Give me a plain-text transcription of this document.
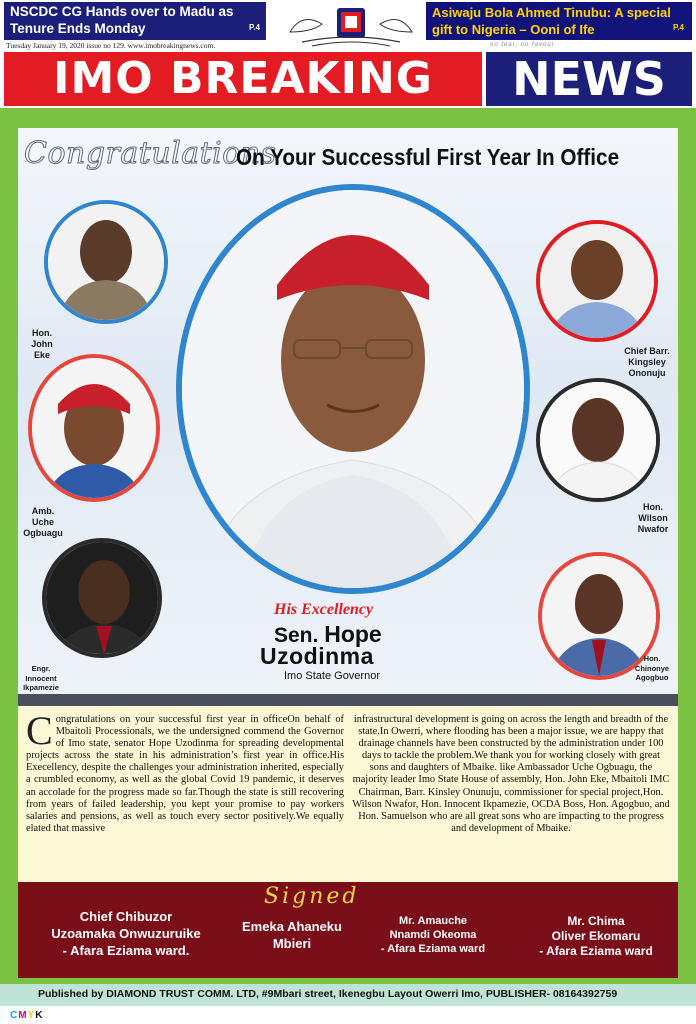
NSCDC CG Hands over to Madu as Tenure Ends Monday	P.4
Asiwaju Bola Ahmed Tinubu: A special gift to Nigeria – Ooni of Ife	P.4
Tuesday January 19, 2020 issue no 129. www.imobreakingnews.com.	no fear, no favour
IMO BREAKING	NEWS
Congratulations
On Your Successful First Year In Office
Hon. John Eke
Amb. Uche Ogbuagu
Engr. Innocent Ikpamezie
Chief Barr. Kingsley Ononuju
Hon. Wilson Nwafor
Hon. Chinonye Agogbuo
His Excellency
Sen. Hope
Uzodinma
Imo State Governor
C ongratulations on your successful first year in officeOn behalf of Mbaitoli Processionals, we the undersigned commend the Governor of Imo state, senator Hope Uzodinma for spreading developmental projects across the state in his administration’s first year in office.His Execellency, despite the challenges your administration inherited, especially a crumbled economy, as well as the global Covid 19 pandemic, it deserves an accolade for the progress made so far.Though the state is still recovering from years of failed leadership, you kept your promise to pay workers salaries and pensions, as well as touch every sector positively.We equally elated that massive
infrastructural development is going on across the length and breadth of the state.In Owerri, where flooding has been a major issue, we are happy that drainage channels have been constructed by the administration under 100 days to tackle the problem.We thank you for working closely with great sons and daughters of Mbaike. like Ambassador Uche Ogbuagu, the majority leader Imo State House of assembly, Hon. John Eke, Mbaitoli IMC Chairman, Barr. Kinsley Onunuju, commissioner for special project,Hon. Wilson Nwafor, Hon. Innocent Ikpamezie, OCDA Boss, Hon. Agogbuo, and Hon. Samuelson who are all great sons who are impacting to the progress and development of Mbaike.
Signed
Chief Chibuzor
Uzoamaka Onwuzuruike
- Afara Eziama ward.
Emeka Ahaneku
Mbieri
Mr. Amauche
Nnamdi Okeoma
- Afara Eziama ward
Mr. Chima
Oliver Ekomaru
- Afara Eziama ward
Published by DIAMOND TRUST COMM. LTD, #9Mbari street, Ikenegbu Layout Owerri Imo, PUBLISHER- 08164392759
CMYK
